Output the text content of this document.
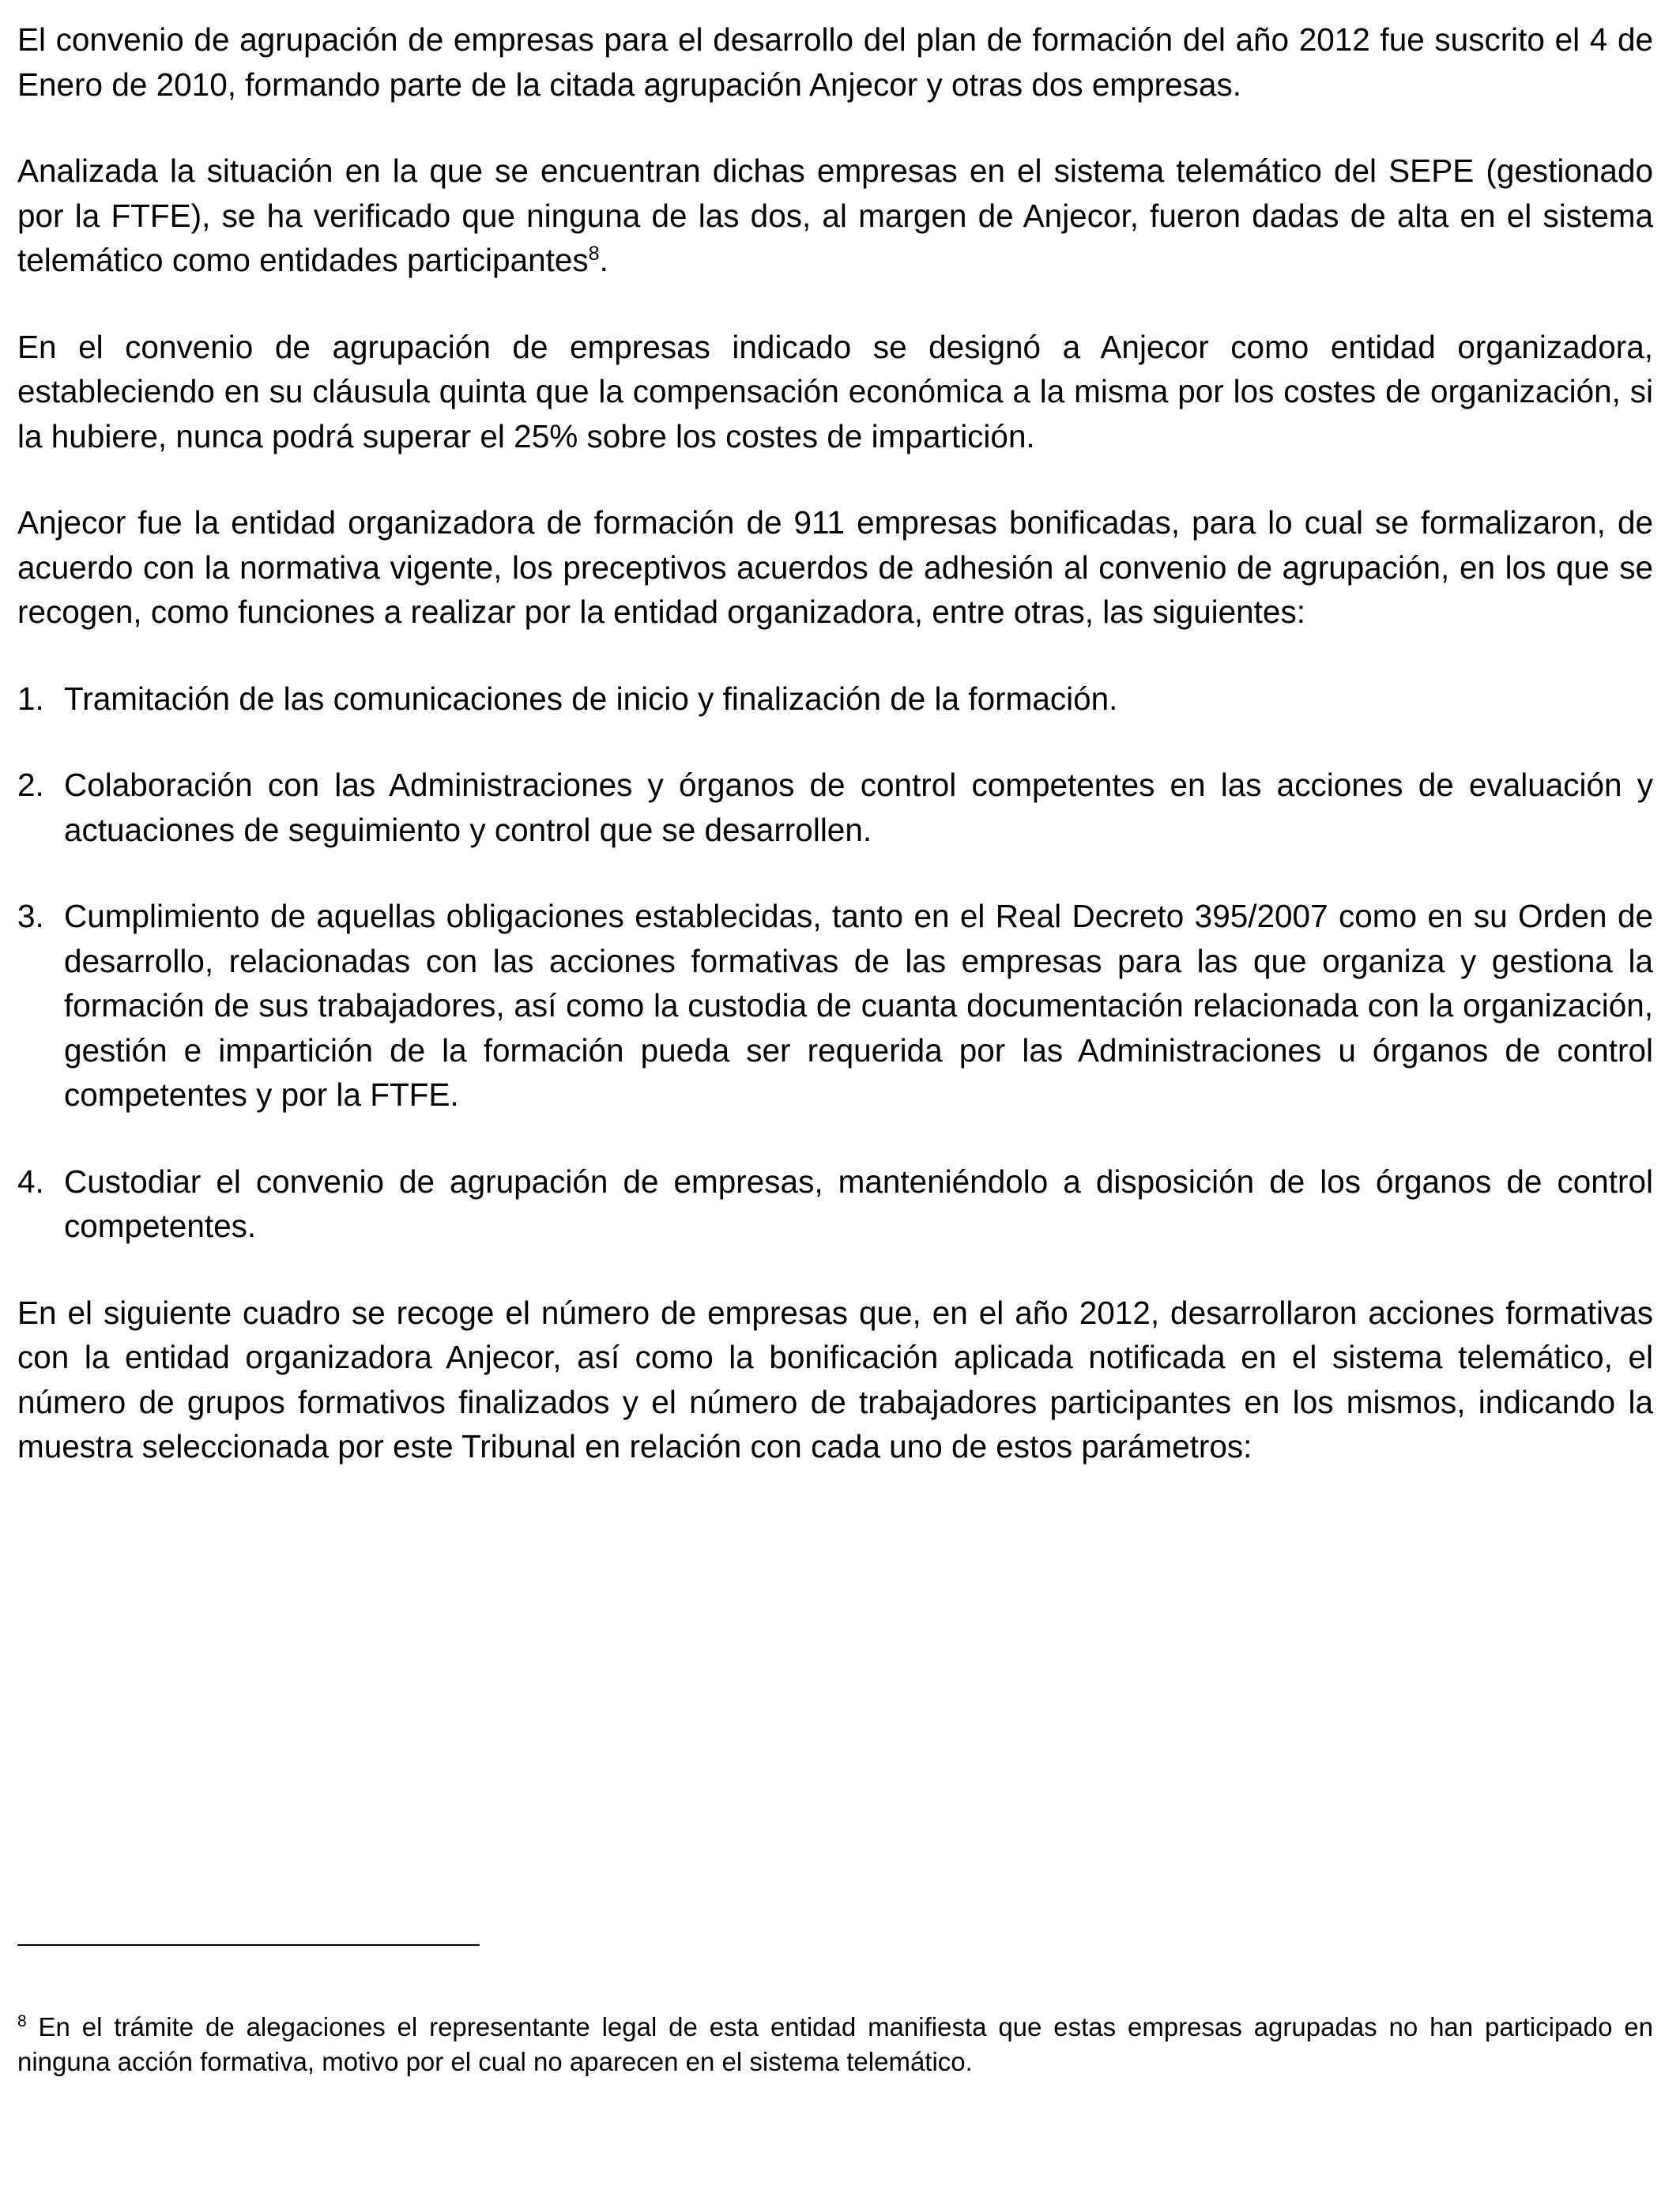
El convenio de agrupación de empresas para el desarrollo del plan de formación del año 2012 fue suscrito el 4 de Enero de 2010, formando parte de la citada agrupación Anjecor y otras dos empresas.

Analizada la situación en la que se encuentran dichas empresas en el sistema telemático del SEPE (gestionado por la FTFE), se ha verificado que ninguna de las dos, al margen de Anjecor, fueron dadas de alta en el sistema telemático como entidades participantes$^8$.

En el convenio de agrupación de empresas indicado se designó a Anjecor como entidad organizadora, estableciendo en su cláusula quinta que la compensación económica a la misma por los costes de organización, si la hubiere, nunca podrá superar el 25% sobre los costes de impartición.

Anjecor fue la entidad organizadora de formación de 911 empresas bonificadas, para lo cual se formalizaron, de acuerdo con la normativa vigente, los preceptivos acuerdos de adhesión al convenio de agrupación, en los que se recogen, como funciones a realizar por la entidad organizadora, entre otras, las siguientes:

1. Tramitación de las comunicaciones de inicio y finalización de la formación.
2. Colaboración con las Administraciones y órganos de control competentes en las acciones de evaluación y actuaciones de seguimiento y control que se desarrollen.
3. Cumplimiento de aquellas obligaciones establecidas, tanto en el Real Decreto 395/2007 como en su Orden de desarrollo, relacionadas con las acciones formativas de las empresas para las que organiza y gestiona la formación de sus trabajadores, así como la custodia de cuanta documentación relacionada con la organización, gestión e impartición de la formación pueda ser requerida por las Administraciones u órganos de control competentes y por la FTFE.
4. Custodiar el convenio de agrupación de empresas, manteniéndolo a disposición de los órganos de control competentes.

En el siguiente cuadro se recoge el número de empresas que, en el año 2012, desarrollaron acciones formativas con la entidad organizadora Anjecor, así como la bonificación aplicada notificada en el sistema telemático, el número de grupos formativos finalizados y el número de trabajadores participantes en los mismos, indicando la muestra seleccionada por este Tribunal en relación con cada uno de estos parámetros:

$^8$ En el trámite de alegaciones el representante legal de esta entidad manifiesta que estas empresas agrupadas no han participado en ninguna acción formativa, motivo por el cual no aparecen en el sistema telemático.
